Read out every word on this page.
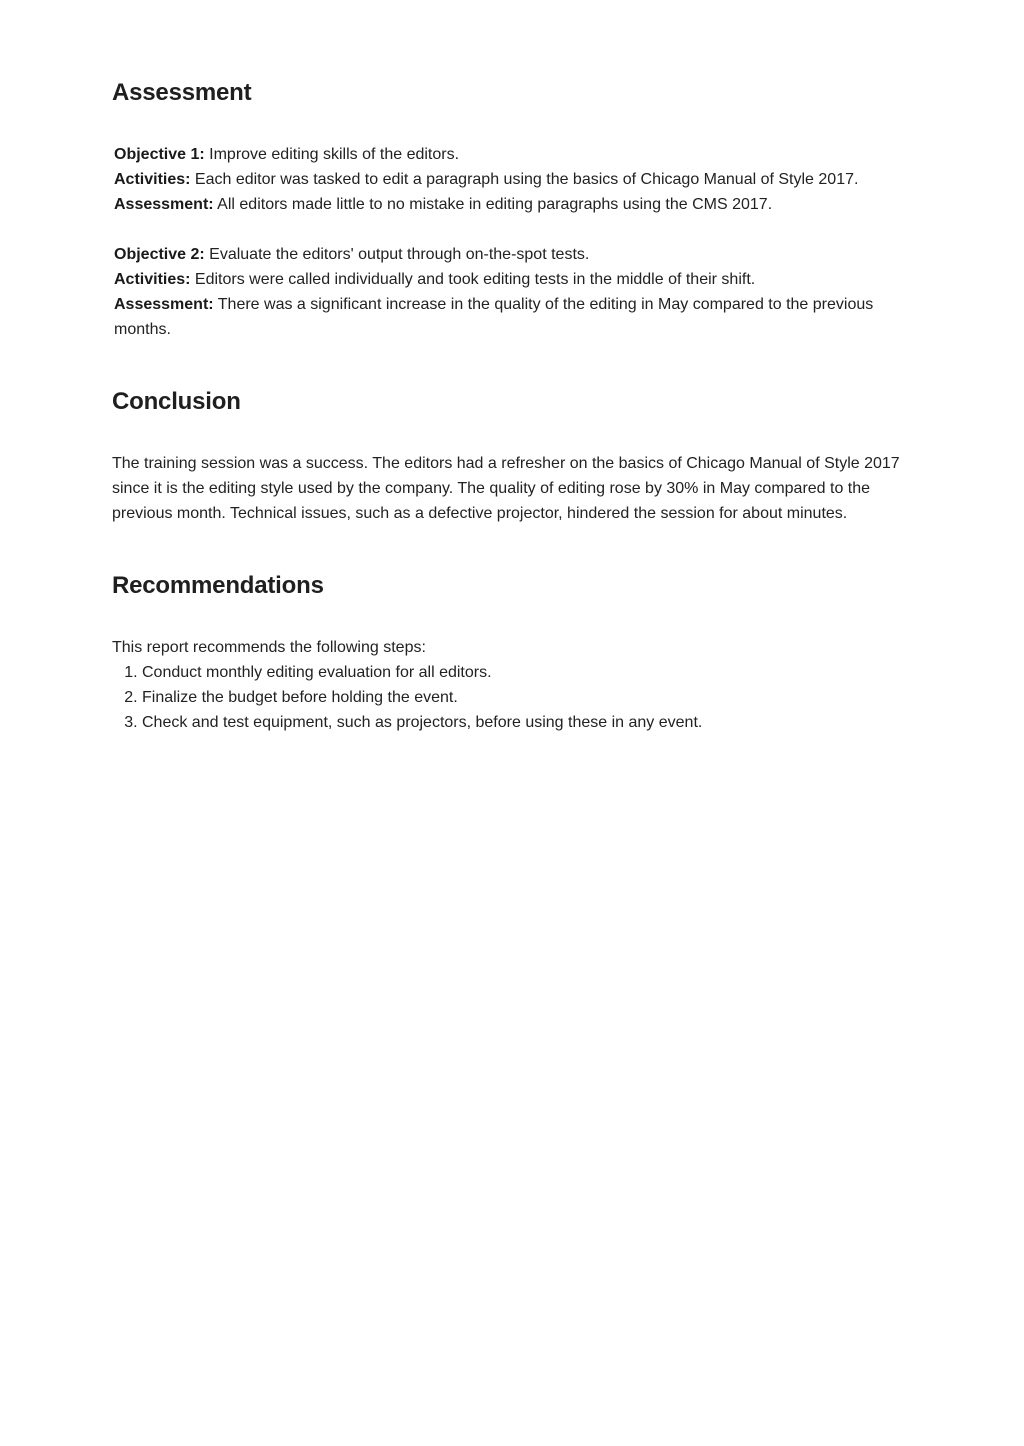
Assessment
Objective 1: Improve editing skills of the editors.
Activities: Each editor was tasked to edit a paragraph using the basics of Chicago Manual of Style 2017.
Assessment: All editors made little to no mistake in editing paragraphs using the CMS 2017.
Objective 2: Evaluate the editors' output through on-the-spot tests.
Activities: Editors were called individually and took editing tests in the middle of their shift.
Assessment: There was a significant increase in the quality of the editing in May compared to the previous months.
Conclusion
The training session was a success. The editors had a refresher on the basics of Chicago Manual of Style 2017 since it is the editing style used by the company. The quality of editing rose by 30% in May compared to the previous month. Technical issues, such as a defective projector, hindered the session for about minutes.
Recommendations
This report recommends the following steps:
1. Conduct monthly editing evaluation for all editors.
2. Finalize the budget before holding the event.
3. Check and test equipment, such as projectors, before using these in any event.
